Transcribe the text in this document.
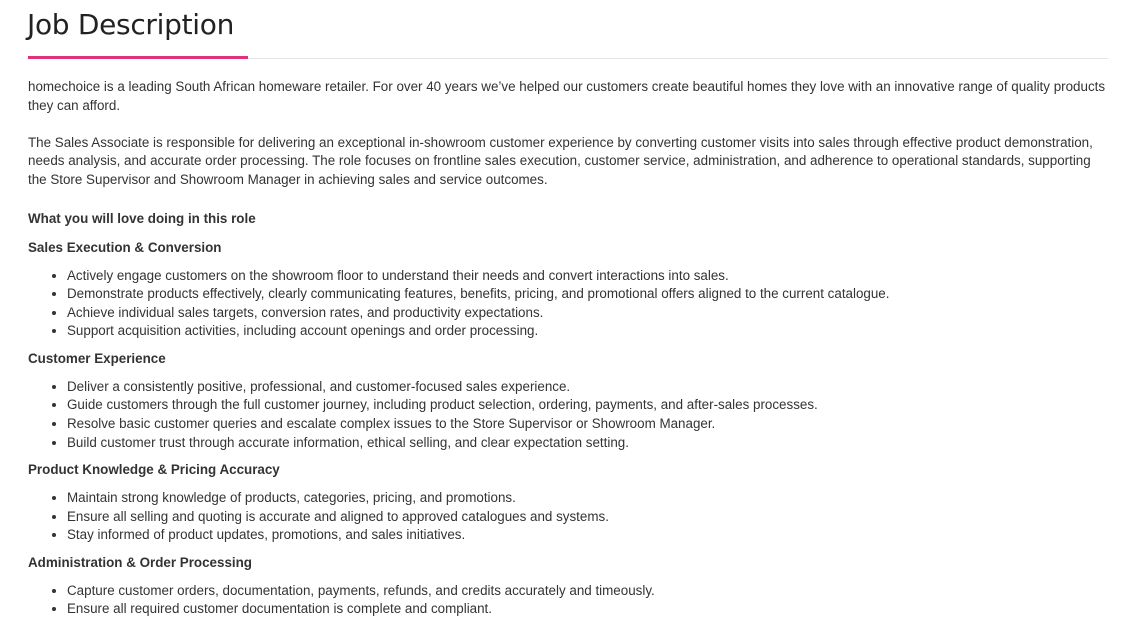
Job Description

homechoice is a leading South African homeware retailer. For over 40 years we’ve helped our customers create beautiful homes they love with an innovative range of quality products they can afford.

The Sales Associate is responsible for delivering an exceptional in-showroom customer experience by converting customer visits into sales through effective product demonstration, needs analysis, and accurate order processing. The role focuses on frontline sales execution, customer service, administration, and adherence to operational standards, supporting the Store Supervisor and Showroom Manager in achieving sales and service outcomes.

What you will love doing in this role
Sales Execution & Conversion
• Actively engage customers on the showroom floor to understand their needs and convert interactions into sales.
• Demonstrate products effectively, clearly communicating features, benefits, pricing, and promotional offers aligned to the current catalogue.
• Achieve individual sales targets, conversion rates, and productivity expectations.
• Support acquisition activities, including account openings and order processing.
Customer Experience
• Deliver a consistently positive, professional, and customer-focused sales experience.
• Guide customers through the full customer journey, including product selection, ordering, payments, and after-sales processes.
• Resolve basic customer queries and escalate complex issues to the Store Supervisor or Showroom Manager.
• Build customer trust through accurate information, ethical selling, and clear expectation setting.
Product Knowledge & Pricing Accuracy
• Maintain strong knowledge of products, categories, pricing, and promotions.
• Ensure all selling and quoting is accurate and aligned to approved catalogues and systems.
• Stay informed of product updates, promotions, and sales initiatives.
Administration & Order Processing
• Capture customer orders, documentation, payments, refunds, and credits accurately and timeously.
• Ensure all required customer documentation is complete and compliant.
